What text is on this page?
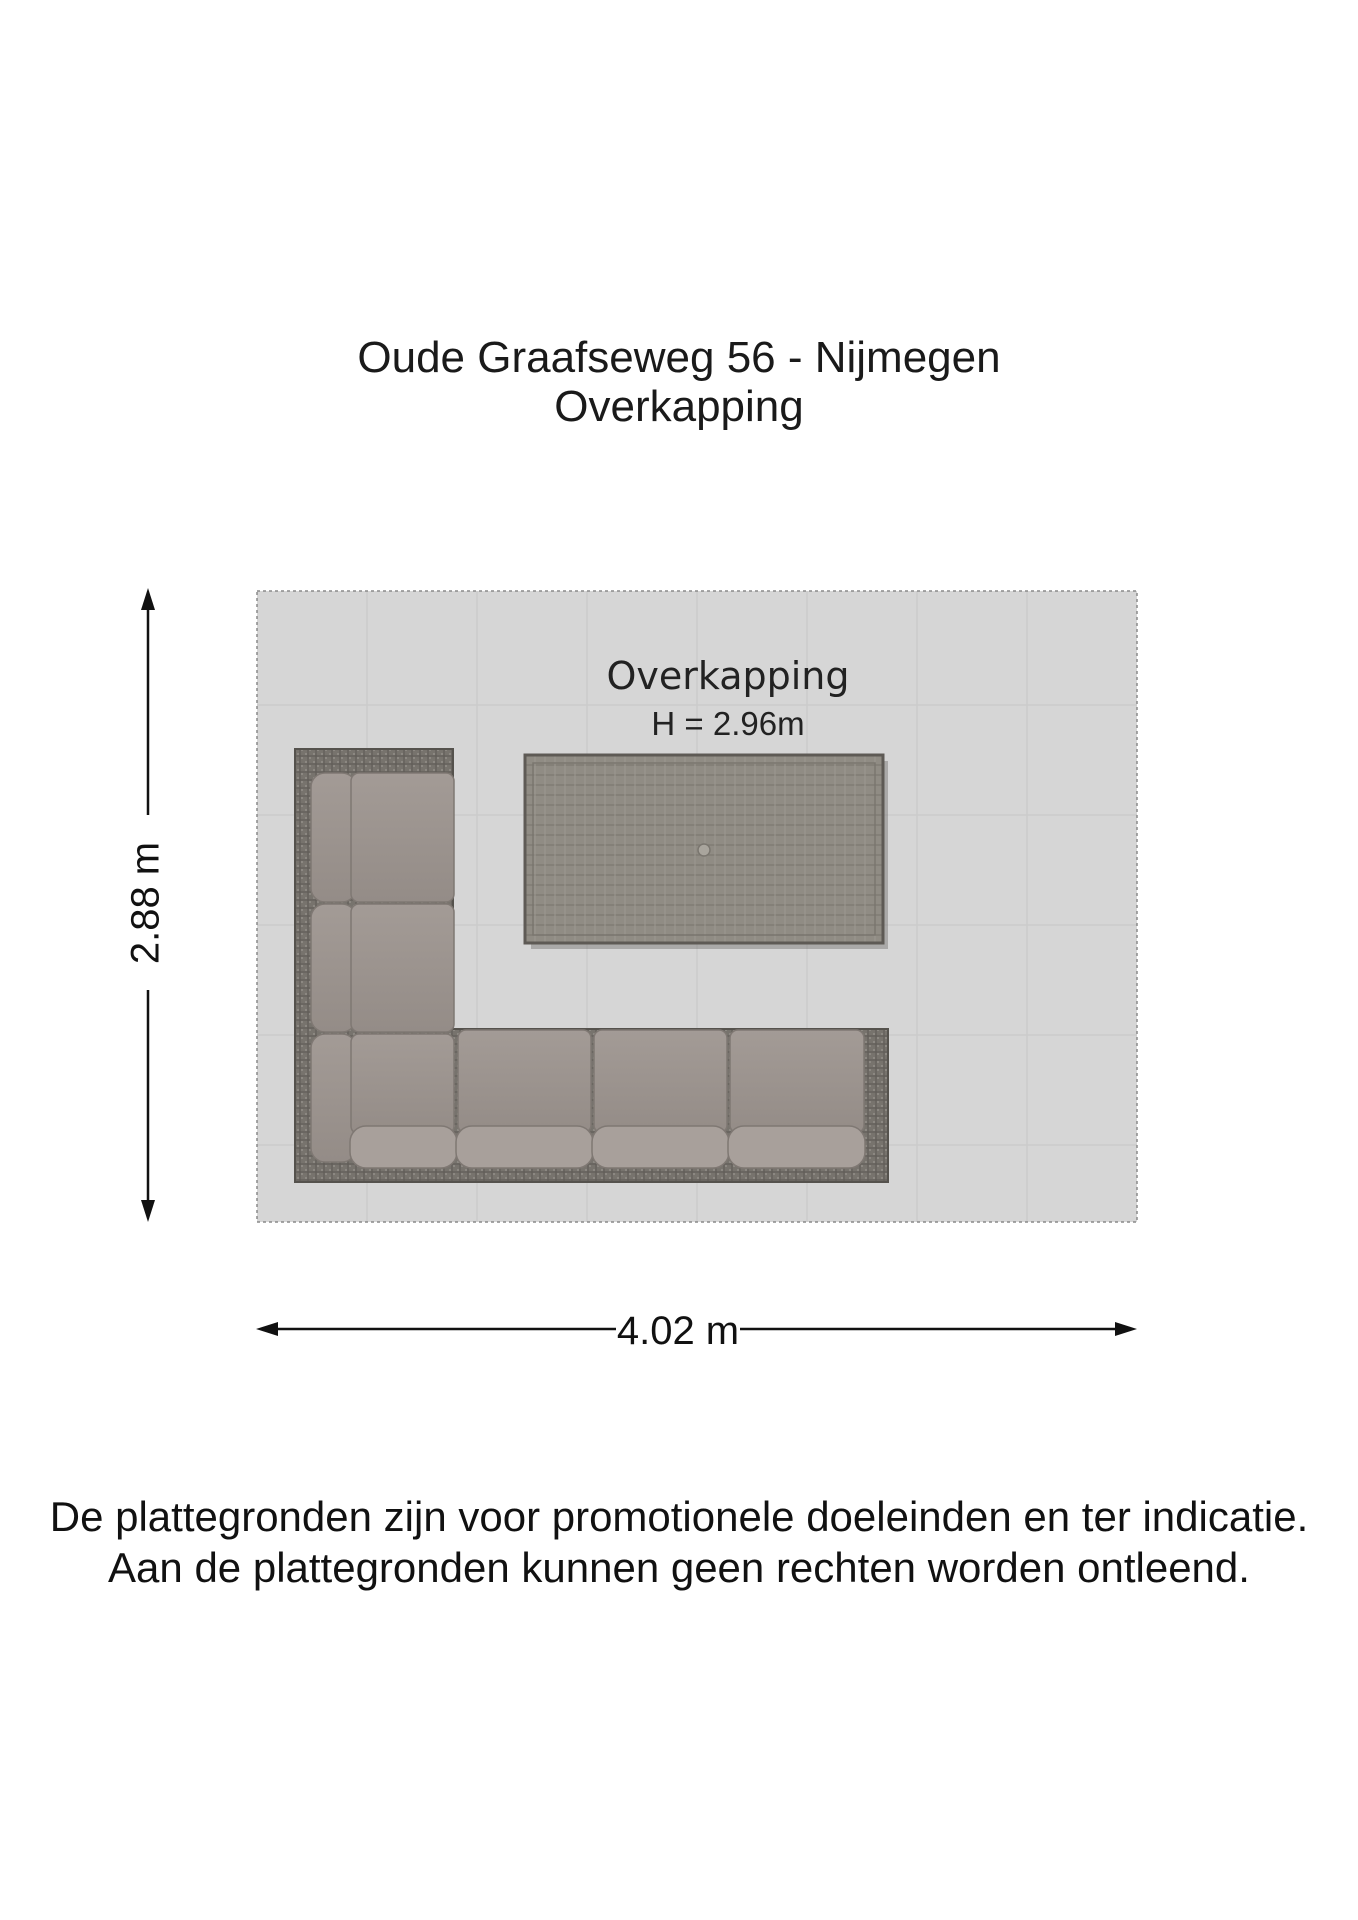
Oude Graafseweg 56 - Nijmegen
Overkapping
Overkapping
H = 2.96m
2.88 m
4.02 m
De plattegronden zijn voor promotionele doeleinden en ter indicatie.
Aan de plattegronden kunnen geen rechten worden ontleend.
